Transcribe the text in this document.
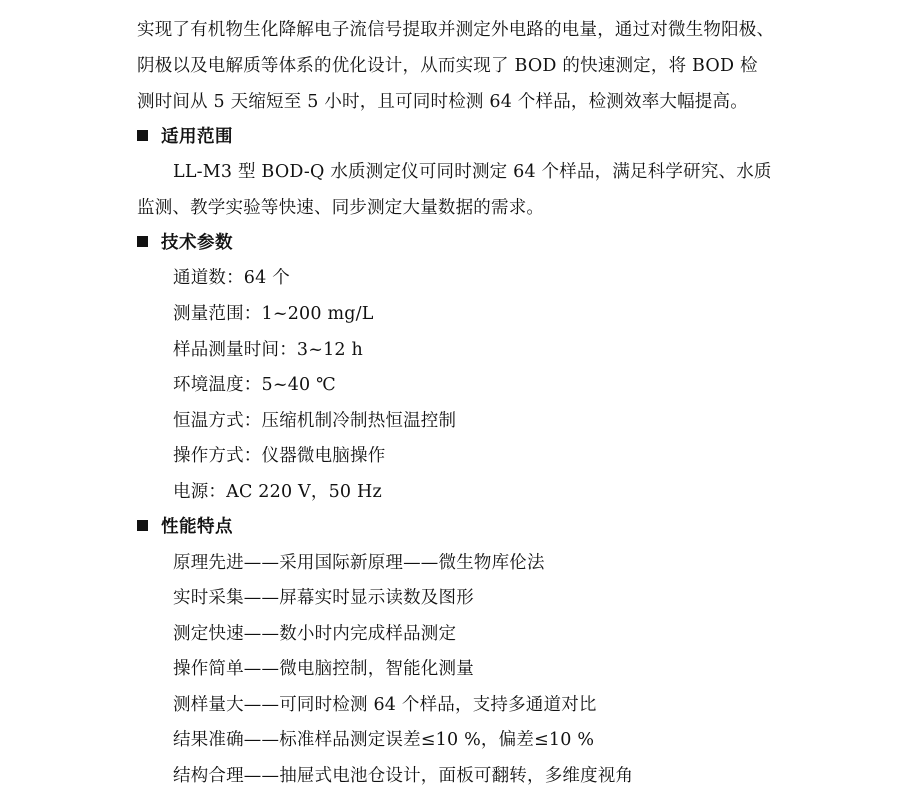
实现了有机物生化降解电子流信号提取并测定外电路的电量，通过对微生物阳极、
阴极以及电解质等体系的优化设计，从而实现了 BOD 的快速测定，将 BOD 检
测时间从 5 天缩短至 5 小时，且可同时检测 64 个样品，检测效率大幅提高。
适用范围
LL-M3 型 BOD-Q 水质测定仪可同时测定 64 个样品，满足科学研究、水质
监测、教学实验等快速、同步测定大量数据的需求。
技术参数
通道数：64 个
测量范围：1~200 mg/L
样品测量时间：3~12 h
环境温度：5~40 ℃
恒温方式：压缩机制冷制热恒温控制
操作方式：仪器微电脑操作
电源：AC 220 V，50 Hz
性能特点
原理先进——采用国际新原理——微生物库伦法
实时采集——屏幕实时显示读数及图形
测定快速——数小时内完成样品测定
操作简单——微电脑控制，智能化测量
测样量大——可同时检测 64 个样品，支持多通道对比
结果准确——标准样品测定误差≤10 %，偏差≤10 %
结构合理——抽屉式电池仓设计，面板可翻转，多维度视角
